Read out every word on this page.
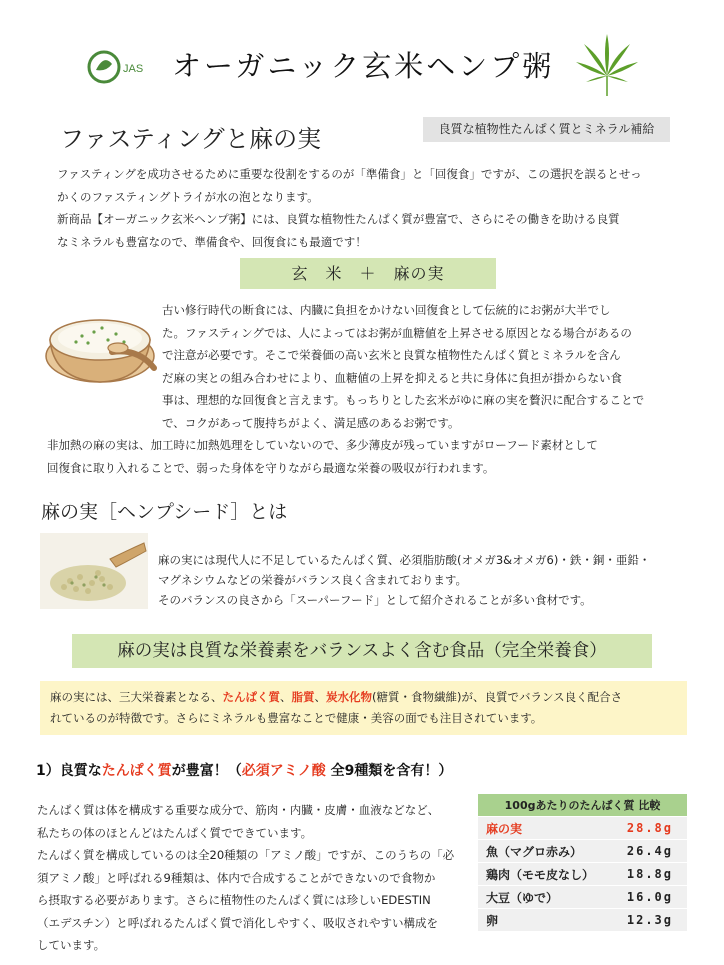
JAS オーガニック玄米ヘンプ粥
ファスティングと麻の実	良質な植物性たんぱく質とミネラル補給
ファスティングを成功させるために重要な役割をするのが「準備食」と「回復食」ですが、この選択を誤るとせっ
かくのファスティングトライが水の泡となります。
新商品【オーガニック玄米ヘンプ粥】には、良質な植物性たんぱく質が豊富で、さらにその働きを助ける良質
なミネラルも豊富なので、準備食や、回復食にも最適です！
玄　米　＋　麻の実
古い修行時代の断食には、内臓に負担をかけない回復食として伝統的にお粥が大半でし
た。ファスティングでは、人によってはお粥が血糖値を上昇させる原因となる場合があるの
で注意が必要です。そこで栄養価の高い玄米と良質な植物性たんぱく質とミネラルを含ん
だ麻の実との組み合わせにより、血糖値の上昇を抑えると共に身体に負担が掛からない食
事は、理想的な回復食と言えます。もっちりとした玄米がゆに麻の実を贅沢に配合することで
で、コクがあって腹持ちがよく、満足感のあるお粥です。
非加熱の麻の実は、加工時に加熱処理をしていないので、多少薄皮が残っていますがローフード素材として
回復食に取り入れることで、弱った身体を守りながら最適な栄養の吸収が行われます。
麻の実［ヘンプシード］とは
麻の実には現代人に不足しているたんぱく質、必須脂肪酸(オメガ3&オメガ6)・鉄・銅・亜鉛・
マグネシウムなどの栄養がバランス良く含まれております。
そのバランスの良さから「スーパーフード」として紹介されることが多い食材です。
麻の実は良質な栄養素をバランスよく含む食品（完全栄養食）
麻の実には、三大栄養素となる、たんぱく質、脂質、炭水化物(糖質・食物繊維)が、良質でバランス良く配合さ
れているのが特徴です。さらにミネラルも豊富なことで健康・美容の面でも注目されています。
1）良質なたんぱく質が豊富！（必須アミノ酸 全9種類を含有！）
たんぱく質は体を構成する重要な成分で、筋肉・内臓・皮膚・血液などなど、
私たちの体のほとんどはたんぱく質でできています。
たんぱく質を構成しているのは全20種類の「アミノ酸」ですが、このうちの「必
須アミノ酸」と呼ばれる9種類は、体内で合成することができないので食物か
ら摂取する必要があります。さらに植物性のたんぱく質には珍しいEDESTIN
（エデスチン）と呼ばれるたんぱく質で消化しやすく、吸収されやすい構成を
しています。
100gあたりのたんぱく質 比較	
麻の実	28.8g
魚（マグロ赤み）	26.4g
鶏肉（モモ皮なし）	18.8g
大豆（ゆで）	16.0g
卵	12.3g
